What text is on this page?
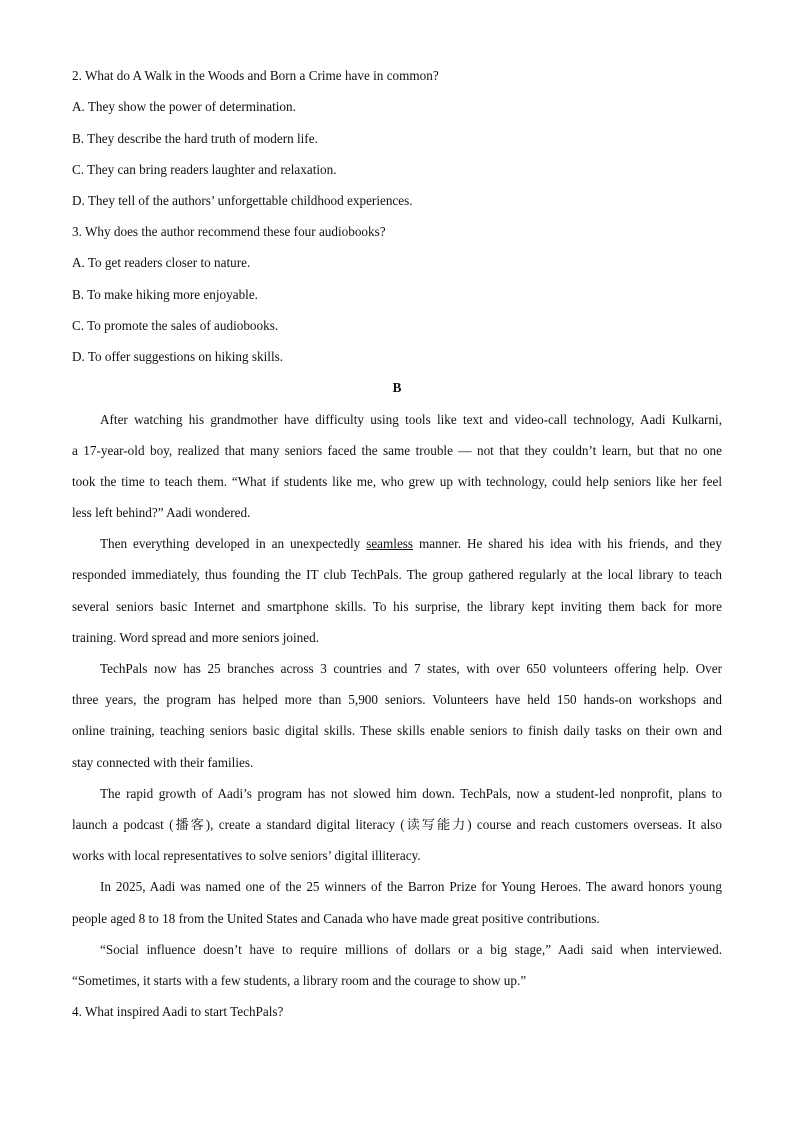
2. What do A Walk in the Woods and Born a Crime have in common?
A. They show the power of determination.
B. They describe the hard truth of modern life.
C. They can bring readers laughter and relaxation.
D. They tell of the authors’ unforgettable childhood experiences.
3. Why does the author recommend these four audiobooks?
A. To get readers closer to nature.
B. To make hiking more enjoyable.
C. To promote the sales of audiobooks.
D. To offer suggestions on hiking skills.
B
After watching his grandmother have difficulty using tools like text and video-call technology, Aadi Kulkarni,
a 17-year-old boy, realized that many seniors faced the same trouble — not that they couldn’t learn, but that no one
took the time to teach them. “What if students like me, who grew up with technology, could help seniors like her feel
less left behind?” Aadi wondered.
Then everything developed in an unexpectedly seamless manner. He shared his idea with his friends, and they
responded immediately, thus founding the IT club TechPals. The group gathered regularly at the local library to teach
several seniors basic Internet and smartphone skills. To his surprise, the library kept inviting them back for more
training. Word spread and more seniors joined.
TechPals now has 25 branches across 3 countries and 7 states, with over 650 volunteers offering help. Over
three years, the program has helped more than 5,900 seniors. Volunteers have held 150 hands-on workshops and
online training, teaching seniors basic digital skills. These skills enable seniors to finish daily tasks on their own and
stay connected with their families.
The rapid growth of Aadi’s program has not slowed him down. TechPals, now a student-led nonprofit, plans to
launch a podcast (播客), create a standard digital literacy (读写能力) course and reach customers overseas. It also
works with local representatives to solve seniors’ digital illiteracy.
In 2025, Aadi was named one of the 25 winners of the Barron Prize for Young Heroes. The award honors young
people aged 8 to 18 from the United States and Canada who have made great positive contributions.
“Social influence doesn’t have to require millions of dollars or a big stage,” Aadi said when interviewed.
“Sometimes, it starts with a few students, a library room and the courage to show up.”
4. What inspired Aadi to start TechPals?
